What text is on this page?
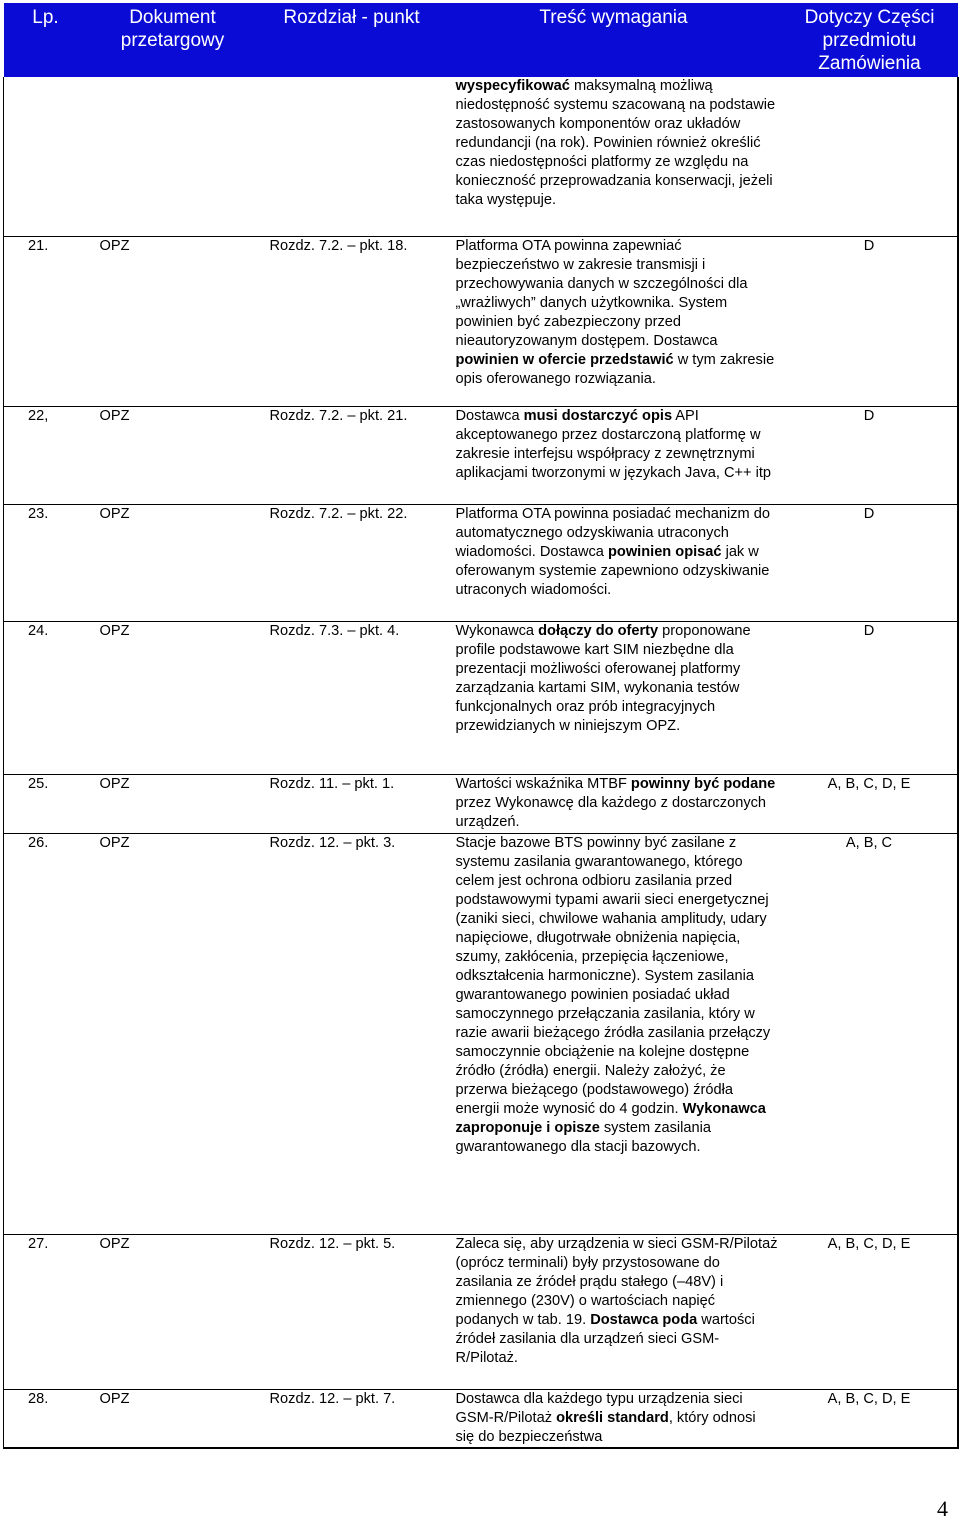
Lp.	Dokument przetargowy	Rozdział - punkt	Treść wymagania	Dotyczy Części przedmiotu Zamówienia
			wyspecyfikować maksymalną możliwą niedostępność systemu szacowaną na podstawie zastosowanych komponentów oraz układów redundancji (na rok). Powinien również określić czas niedostępności platformy ze względu na konieczność przeprowadzania konserwacji, jeżeli taka występuje.	
21.	OPZ	Rozdz. 7.2. – pkt. 18.	Platforma OTA powinna zapewniać bezpieczeństwo w zakresie transmisji i przechowywania danych w szczególności dla „wrażliwych” danych użytkownika. System powinien być zabezpieczony przed nieautoryzowanym dostępem. Dostawca powinien w ofercie przedstawić w tym zakresie opis oferowanego rozwiązania.	D
22,	OPZ	Rozdz. 7.2. – pkt. 21.	Dostawca musi dostarczyć opis API akceptowanego przez dostarczoną platformę w zakresie interfejsu współpracy z zewnętrznymi aplikacjami tworzonymi w językach Java, C++ itp	D
23.	OPZ	Rozdz. 7.2. – pkt. 22.	Platforma OTA powinna posiadać mechanizm do automatycznego odzyskiwania utraconych wiadomości. Dostawca powinien opisać jak w oferowanym systemie zapewniono odzyskiwanie utraconych wiadomości.	D
24.	OPZ	Rozdz. 7.3. – pkt. 4.	Wykonawca dołączy do oferty proponowane profile podstawowe kart SIM niezbędne dla prezentacji możliwości oferowanej platformy zarządzania kartami SIM, wykonania testów funkcjonalnych oraz prób integracyjnych przewidzianych w niniejszym OPZ.	D
25.	OPZ	Rozdz. 11. – pkt. 1.	Wartości wskaźnika MTBF powinny być podane przez Wykonawcę dla każdego z dostarczonych urządzeń.	A, B, C, D, E
26.	OPZ	Rozdz. 12. – pkt. 3.	Stacje bazowe BTS powinny być zasilane z systemu zasilania gwarantowanego, którego celem jest ochrona odbioru zasilania przed podstawowymi typami awarii sieci energetycznej (zaniki sieci, chwilowe wahania amplitudy, udary napięciowe, długotrwałe obniżenia napięcia, szumy, zakłócenia, przepięcia łączeniowe, odkształcenia harmoniczne). System zasilania gwarantowanego powinien posiadać układ samoczynnego przełączania zasilania, który w razie awarii bieżącego źródła zasilania przełączy samoczynnie obciążenie na kolejne dostępne źródło (źródła) energii. Należy założyć, że przerwa bieżącego (podstawowego) źródła energii może wynosić do 4 godzin. Wykonawca zaproponuje i opisze system zasilania gwarantowanego dla stacji bazowych.	A, B, C
27.	OPZ	Rozdz. 12. – pkt. 5.	Zaleca się, aby urządzenia w sieci GSM-R/Pilotaż (oprócz terminali) były przystosowane do zasilania ze źródeł prądu stałego (–48V) i zmiennego (230V) o wartościach napięć podanych w tab. 19. Dostawca poda wartości źródeł zasilania dla urządzeń sieci GSM-R/Pilotaż.	A, B, C, D, E
28.	OPZ	Rozdz. 12. – pkt. 7.	Dostawca dla każdego typu urządzenia sieci GSM-R/Pilotaż określi standard, który odnosi się do bezpieczeństwa	A, B, C, D, E
4
